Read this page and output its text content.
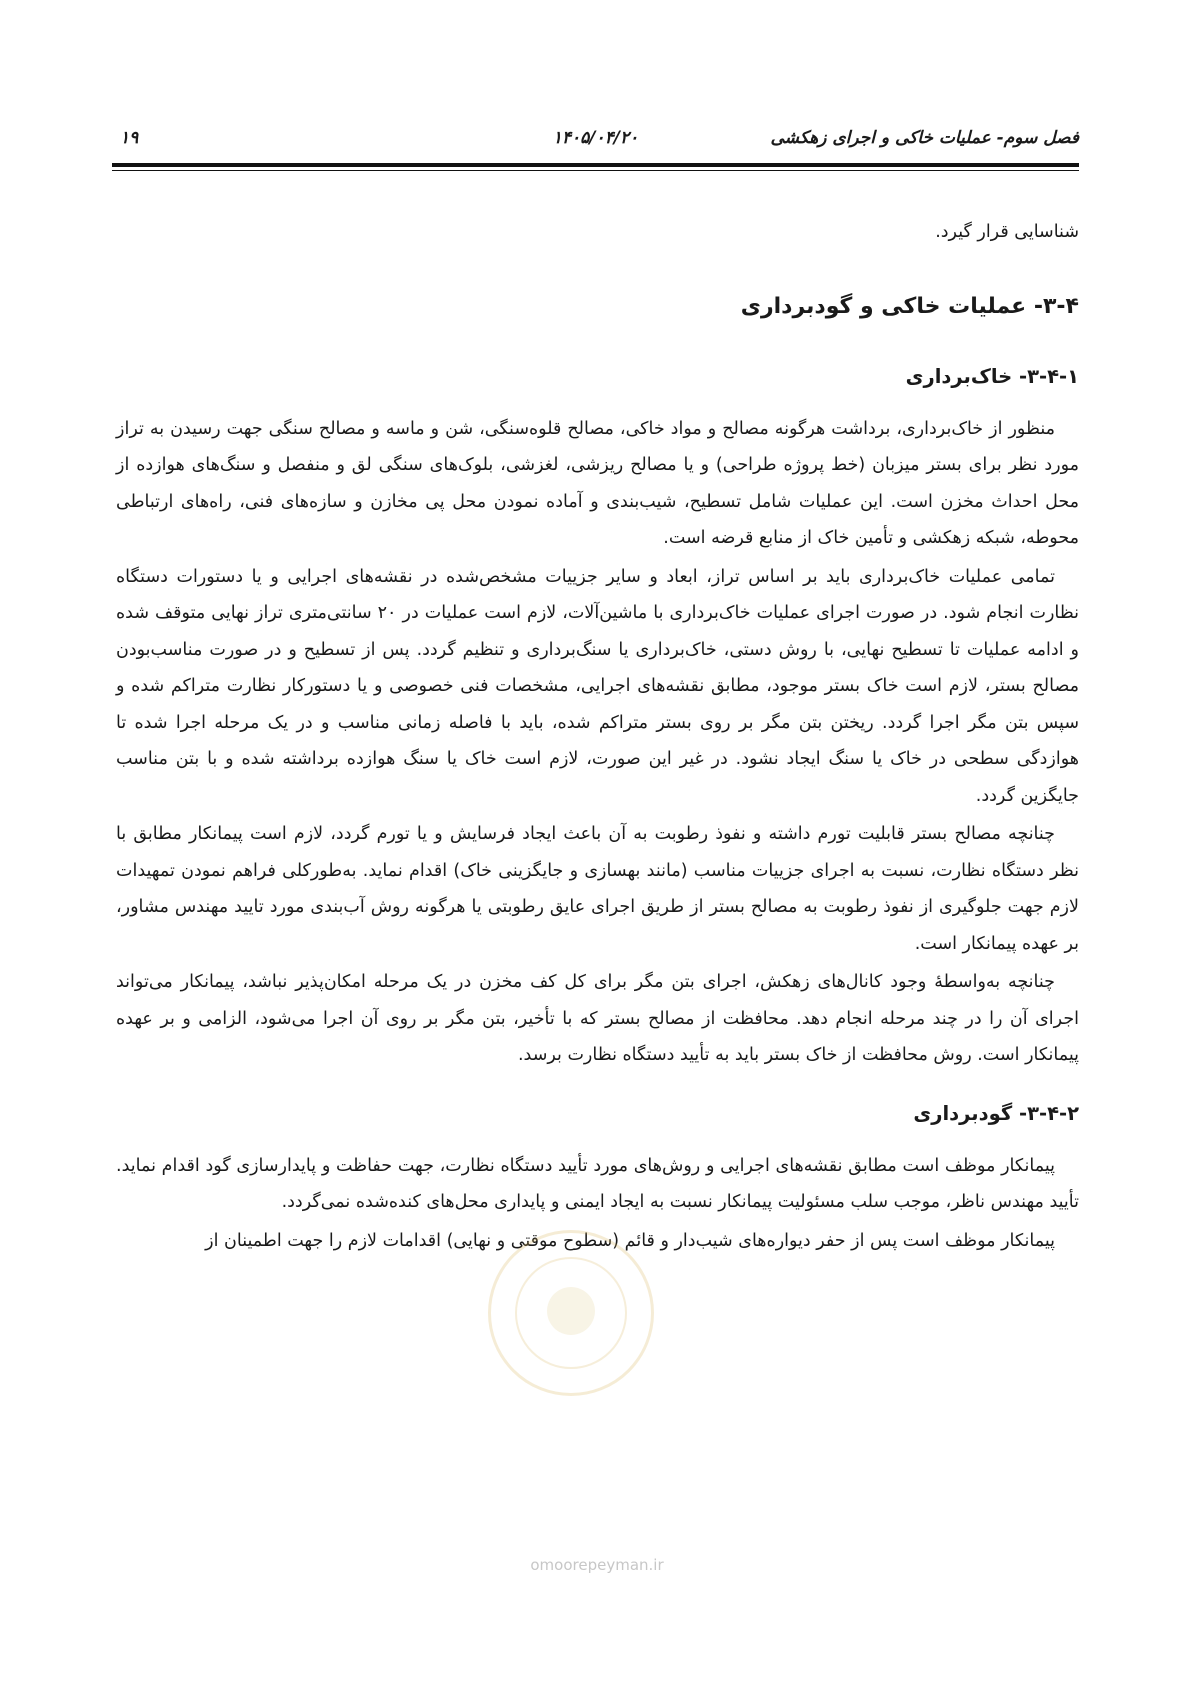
فصل سوم- عملیات خاکی و اجرای زهکشی
۱۴۰۵/۰۴/۲۰
۱۹

شناسایی قرار گیرد.

۳-۴- عملیات خاکی و گودبرداری
۳-۴-۱- خاک‌برداری

منظور از خاک‌برداری، برداشت هرگونه مصالح و مواد خاکی، مصالح قلوه‌سنگی، شن و ماسه و مصالح سنگی جهت رسیدن به تراز مورد نظر برای بستر میزبان (خط پروژه طراحی) و یا مصالح ریزشی، لغزشی، بلوک‌های سنگی لق و منفصل و سنگ‌های هوازده از محل احداث مخزن است. این عملیات شامل تسطیح، شیب‌بندی و آماده نمودن محل پی مخازن و سازه‌های فنی، راه‌های ارتباطی محوطه، شبکه زهکشی و تأمین خاک از منابع قرضه است.

تمامی عملیات خاک‌برداری باید بر اساس تراز، ابعاد و سایر جزییات مشخص‌شده در نقشه‌های اجرایی و یا دستورات دستگاه نظارت انجام شود. در صورت اجرای عملیات خاک‌برداری با ماشین‌آلات، لازم است عملیات در ۲۰ سانتی‌متری تراز نهایی متوقف شده و ادامه عملیات تا تسطیح نهایی، با روش دستی، خاک‌برداری یا سنگ‌برداری و تنظیم گردد. پس از تسطیح و در صورت مناسب‌بودن مصالح بستر، لازم است خاک بستر موجود، مطابق نقشه‌های اجرایی، مشخصات فنی خصوصی و یا دستورکار نظارت متراکم شده و سپس بتن مگر اجرا گردد. ریختن بتن مگر بر روی بستر متراکم شده، باید با فاصله زمانی مناسب و در یک مرحله اجرا شده تا هوازدگی سطحی در خاک یا سنگ ایجاد نشود. در غیر این صورت، لازم است خاک یا سنگ هوازده برداشته شده و با بتن مناسب جایگزین گردد.

چنانچه مصالح بستر قابلیت تورم داشته و نفوذ رطوبت به آن باعث ایجاد فرسایش و یا تورم گردد، لازم است پیمانکار مطابق با نظر دستگاه نظارت، نسبت به اجرای جزییات مناسب (مانند بهسازی و جایگزینی خاک) اقدام نماید. به‌طورکلی فراهم نمودن تمهیدات لازم جهت جلوگیری از نفوذ رطوبت به مصالح بستر از طریق اجرای عایق رطوبتی یا هرگونه روش آب‌بندی مورد تایید مهندس مشاور، بر عهده پیمانکار است.

چنانچه به‌واسطهٔ وجود کانال‌های زهکش، اجرای بتن مگر برای کل کف مخزن در یک مرحله امکان‌پذیر نباشد، پیمانکار می‌تواند اجرای آن را در چند مرحله انجام دهد. محافظت از مصالح بستر که با تأخیر، بتن مگر بر روی آن اجرا می‌شود، الزامی و بر عهده پیمانکار است. روش محافظت از خاک بستر باید به تأیید دستگاه نظارت برسد.

۳-۴-۲- گودبرداری

پیمانکار موظف است مطابق نقشه‌های اجرایی و روش‌های مورد تأیید دستگاه نظارت، جهت حفاظت و پایدارسازی گود اقدام نماید. تأیید مهندس ناظر، موجب سلب مسئولیت پیمانکار نسبت به ایجاد ایمنی و پایداری محل‌های کنده‌شده نمی‌گردد.

پیمانکار موظف است پس از حفر دیواره‌های شیب‌دار و قائم (سطوح موقتی و نهایی) اقدامات لازم را جهت اطمینان از

omoorepeyman.ir
